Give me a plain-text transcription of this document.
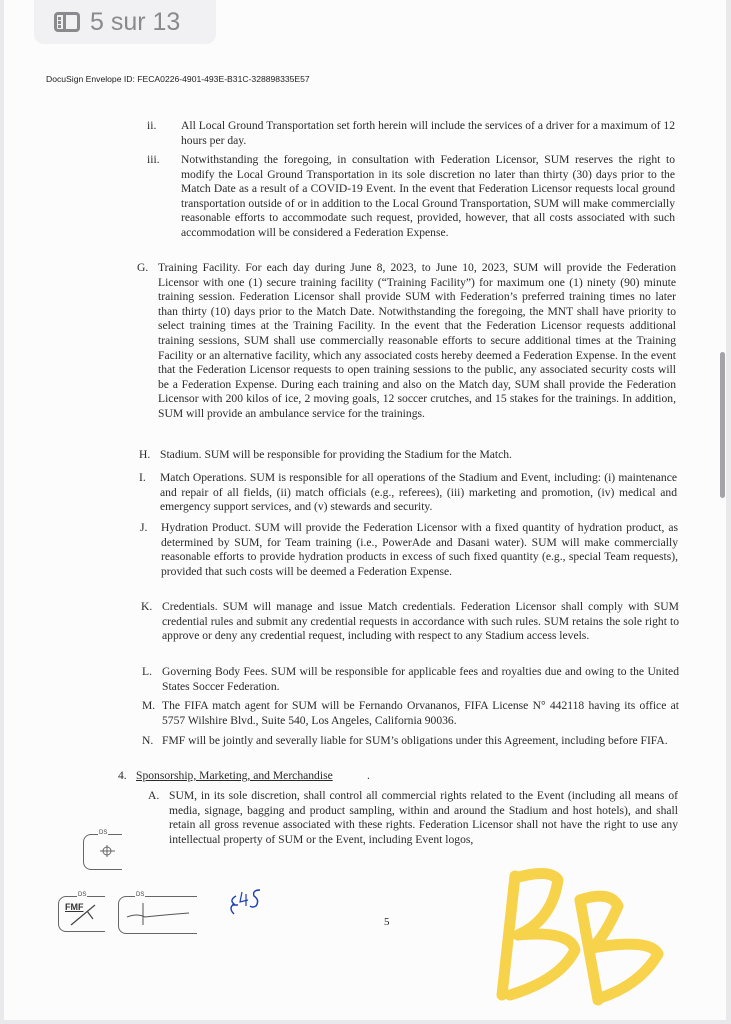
5 sur 13
DocuSign Envelope ID: FECA0226-4901-493E-B31C-328898335E57
ii. All Local Ground Transportation set forth herein will include the services of a driver for a maximum of 12 hours per day.
iii. Notwithstanding the foregoing, in consultation with Federation Licensor, SUM reserves the right to modify the Local Ground Transportation in its sole discretion no later than thirty (30) days prior to the Match Date as a result of a COVID-19 Event. In the event that Federation Licensor requests local ground transportation outside of or in addition to the Local Ground Transportation, SUM will make commercially reasonable efforts to accommodate such request, provided, however, that all costs associated with such accommodation will be considered a Federation Expense.
G. Training Facility. For each day during June 8, 2023, to June 10, 2023, SUM will provide the Federation Licensor with one (1) secure training facility (“Training Facility”) for maximum one (1) ninety (90) minute training session. Federation Licensor shall provide SUM with Federation’s preferred training times no later than thirty (10) days prior to the Match Date. Notwithstanding the foregoing, the MNT shall have priority to select training times at the Training Facility. In the event that the Federation Licensor requests additional training sessions, SUM shall use commercially reasonable efforts to secure additional times at the Training Facility or an alternative facility, which any associated costs hereby deemed a Federation Expense. In the event that the Federation Licensor requests to open training sessions to the public, any associated security costs will be a Federation Expense. During each training and also on the Match day, SUM shall provide the Federation Licensor with 200 kilos of ice, 2 moving goals, 12 soccer crutches, and 15 stakes for the trainings. In addition, SUM will provide an ambulance service for the trainings.
H. Stadium. SUM will be responsible for providing the Stadium for the Match.
I. Match Operations. SUM is responsible for all operations of the Stadium and Event, including: (i) maintenance and repair of all fields, (ii) match officials (e.g., referees), (iii) marketing and promotion, (iv) medical and emergency support services, and (v) stewards and security.
J. Hydration Product. SUM will provide the Federation Licensor with a fixed quantity of hydration product, as determined by SUM, for Team training (i.e., PowerAde and Dasani water). SUM will make commercially reasonable efforts to provide hydration products in excess of such fixed quantity (e.g., special Team requests), provided that such costs will be deemed a Federation Expense.
K. Credentials. SUM will manage and issue Match credentials. Federation Licensor shall comply with SUM credential rules and submit any credential requests in accordance with such rules. SUM retains the sole right to approve or deny any credential request, including with respect to any Stadium access levels.
L. Governing Body Fees. SUM will be responsible for applicable fees and royalties due and owing to the United States Soccer Federation.
M. The FIFA match agent for SUM will be Fernando Orvananos, FIFA License N° 442118 having its office at 5757 Wilshire Blvd., Suite 540, Los Angeles, California 90036.
N. FMF will be jointly and severally liable for SUM’s obligations under this Agreement, including before FIFA.
4. Sponsorship, Marketing, and Merchandise	.
A. SUM, in its sole discretion, shall control all commercial rights related to the Event (including all means of media, signage, bagging and product sampling, within and around the Stadium and host hotels), and shall retain all gross revenue associated with these rights. Federation Licensor shall not have the right to use any intellectual property of SUM or the Event, including Event logos,
DS
DS
FMF
DS
5
